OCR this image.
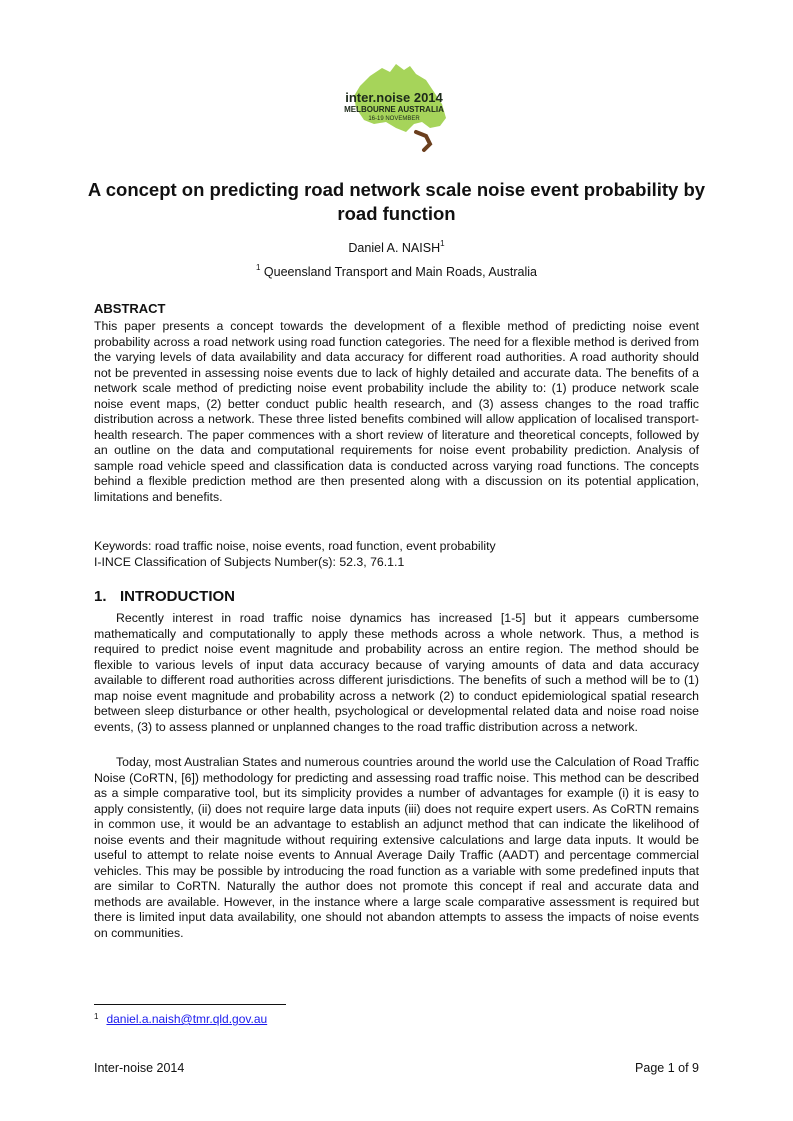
inter.noise 2014
MELBOURNE AUSTRALIA
16-19 NOVEMBER
A concept on predicting road network scale noise event probability by road function
Daniel A. NAISH$^1$
$^1$ Queensland Transport and Main Roads, Australia
ABSTRACT

This paper presents a concept towards the development of a flexible method of predicting noise event probability across a road network using road function categories. The need for a flexible method is derived from the varying levels of data availability and data accuracy for different road authorities. A road authority should not be prevented in assessing noise events due to lack of highly detailed and accurate data. The benefits of a network scale method of predicting noise event probability include the ability to: (1) produce network scale noise event maps, (2) better conduct public health research, and (3) assess changes to the road traffic distribution across a network. These three listed benefits combined will allow application of localised transport-health research. The paper commences with a short review of literature and theoretical concepts, followed by an outline on the data and computational requirements for noise event probability prediction. Analysis of sample road vehicle speed and classification data is conducted across varying road functions. The concepts behind a flexible prediction method are then presented along with a discussion on its potential application, limitations and benefits.

Keywords: road traffic noise, noise events, road function, event probability
I-INCE Classification of Subjects Number(s): 52.3, 76.1.1
1. INTRODUCTION

Recently interest in road traffic noise dynamics has increased [1-5] but it appears cumbersome mathematically and computationally to apply these methods across a whole network. Thus, a method is required to predict noise event magnitude and probability across an entire region. The method should be flexible to various levels of input data accuracy because of varying amounts of data and data accuracy available to different road authorities across different jurisdictions. The benefits of such a method will be to (1) map noise event magnitude and probability across a network (2) to conduct epidemiological spatial research between sleep disturbance or other health, psychological or developmental related data and noise road noise events, (3) to assess planned or unplanned changes to the road traffic distribution across a network.

Today, most Australian States and numerous countries around the world use the Calculation of Road Traffic Noise (CoRTN, [6]) methodology for predicting and assessing road traffic noise. This method can be described as a simple comparative tool, but its simplicity provides a number of advantages for example (i) it is easy to apply consistently, (ii) does not require large data inputs (iii) does not require expert users. As CoRTN remains in common use, it would be an advantage to establish an adjunct method that can indicate the likelihood of noise events and their magnitude without requiring extensive calculations and large data inputs. It would be useful to attempt to relate noise events to Annual Average Daily Traffic (AADT) and percentage commercial vehicles. This may be possible by introducing the road function as a variable with some predefined inputs that are similar to CoRTN. Naturally the author does not promote this concept if real and accurate data and methods are available. However, in the instance where a large scale comparative assessment is required but there is limited input data availability, one should not abandon attempts to assess the impacts of noise events on communities.

$^1$ daniel.a.naish@tmr.qld.gov.au
Inter-noise 2014	Page 1 of 9
